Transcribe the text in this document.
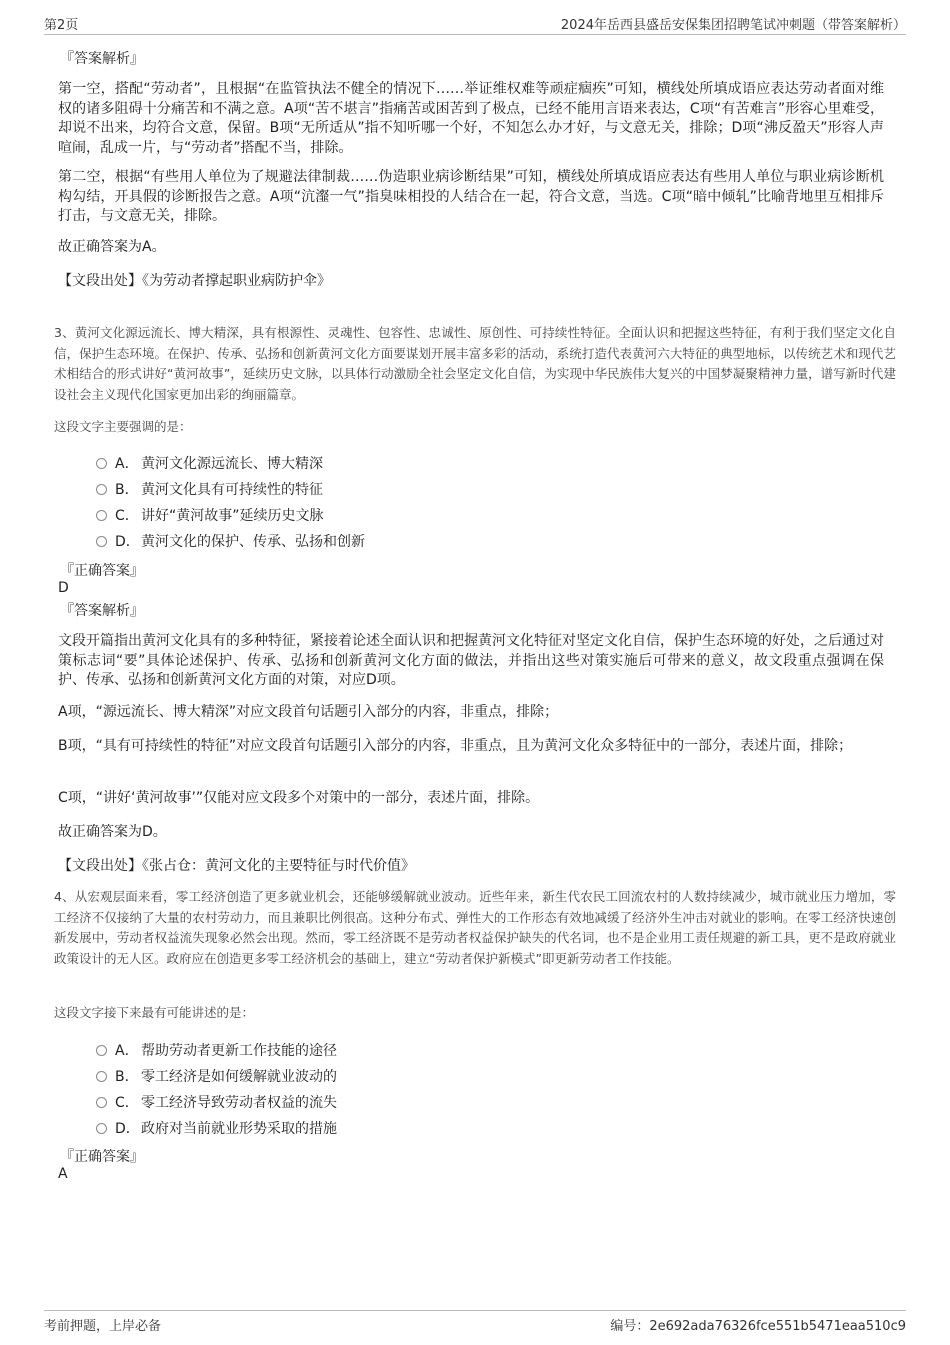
第2页	2024年岳西县盛岳安保集团招聘笔试冲刺题（带答案解析）
『答案解析』
第一空，搭配“劳动者”，且根据“在监管执法不健全的情况下……举证维权难等顽症痼疾”可知，横线处所填成语应表达劳动者面对维权的诸多阻碍十分痛苦和不满之意。A项“苦不堪言”指痛苦或困苦到了极点，已经不能用言语来表达，C项“有苦难言”形容心里难受，却说不出来，均符合文意，保留。B项“无所适从”指不知听哪一个好，不知怎么办才好，与文意无关，排除；D项“沸反盈天”形容人声喧闹，乱成一片，与“劳动者”搭配不当，排除。
第二空，根据“有些用人单位为了规避法律制裁……伪造职业病诊断结果”可知，横线处所填成语应表达有些用人单位与职业病诊断机构勾结，开具假的诊断报告之意。A项“沆瀣一气”指臭味相投的人结合在一起，符合文意，当选。C项“暗中倾轧”比喻背地里互相排斥打击，与文意无关，排除。
故正确答案为A。
【文段出处】《为劳动者撑起职业病防护伞》
3、黄河文化源远流长、博大精深，具有根源性、灵魂性、包容性、忠诚性、原创性、可持续性特征。全面认识和把握这些特征，有利于我们坚定文化自信，保护生态环境。在保护、传承、弘扬和创新黄河文化方面要谋划开展丰富多彩的活动，系统打造代表黄河六大特征的典型地标，以传统艺术和现代艺术相结合的形式讲好“黄河故事”，延续历史文脉，以具体行动激励全社会坚定文化自信，为实现中华民族伟大复兴的中国梦凝聚精神力量，谱写新时代建设社会主义现代化国家更加出彩的绚丽篇章。
这段文字主要强调的是：
A． 黄河文化源远流长、博大精深
B． 黄河文化具有可持续性的特征
C． 讲好“黄河故事”延续历史文脉
D．黄河文化的保护、传承、弘扬和创新
『正确答案』
D
『答案解析』
文段开篇指出黄河文化具有的多种特征，紧接着论述全面认识和把握黄河文化特征对坚定文化自信，保护生态环境的好处，之后通过对策标志词“要”具体论述保护、传承、弘扬和创新黄河文化方面的做法，并指出这些对策实施后可带来的意义，故文段重点强调在保护、传承、弘扬和创新黄河文化方面的对策，对应D项。
A项，“源远流长、博大精深”对应文段首句话题引入部分的内容，非重点，排除；
B项，“具有可持续性的特征”对应文段首句话题引入部分的内容，非重点，且为黄河文化众多特征中的一部分，表述片面，排除；
C项，“讲好‘黄河故事’”仅能对应文段多个对策中的一部分，表述片面，排除。
故正确答案为D。
【文段出处】《张占仓：黄河文化的主要特征与时代价值》
4、从宏观层面来看，零工经济创造了更多就业机会，还能够缓解就业波动。近些年来，新生代农民工回流农村的人数持续减少，城市就业压力增加，零工经济不仅接纳了大量的农村劳动力，而且兼职比例很高。这种分布式、弹性大的工作形态有效地减缓了经济外生冲击对就业的影响。在零工经济快速创新发展中，劳动者权益流失现象必然会出现。然而，零工经济既不是劳动者权益保护缺失的代名词，也不是企业用工责任规避的新工具，更不是政府就业政策设计的无人区。政府应在创造更多零工经济机会的基础上，建立“劳动者保护新模式”即更新劳动者工作技能。
这段文字接下来最有可能讲述的是：
A． 帮助劳动者更新工作技能的途径
B． 零工经济是如何缓解就业波动的
C． 零工经济导致劳动者权益的流失
D．政府对当前就业形势采取的措施
『正确答案』
A
考前押题，上岸必备	编号：2e692ada76326fce551b5471eaa510c9
